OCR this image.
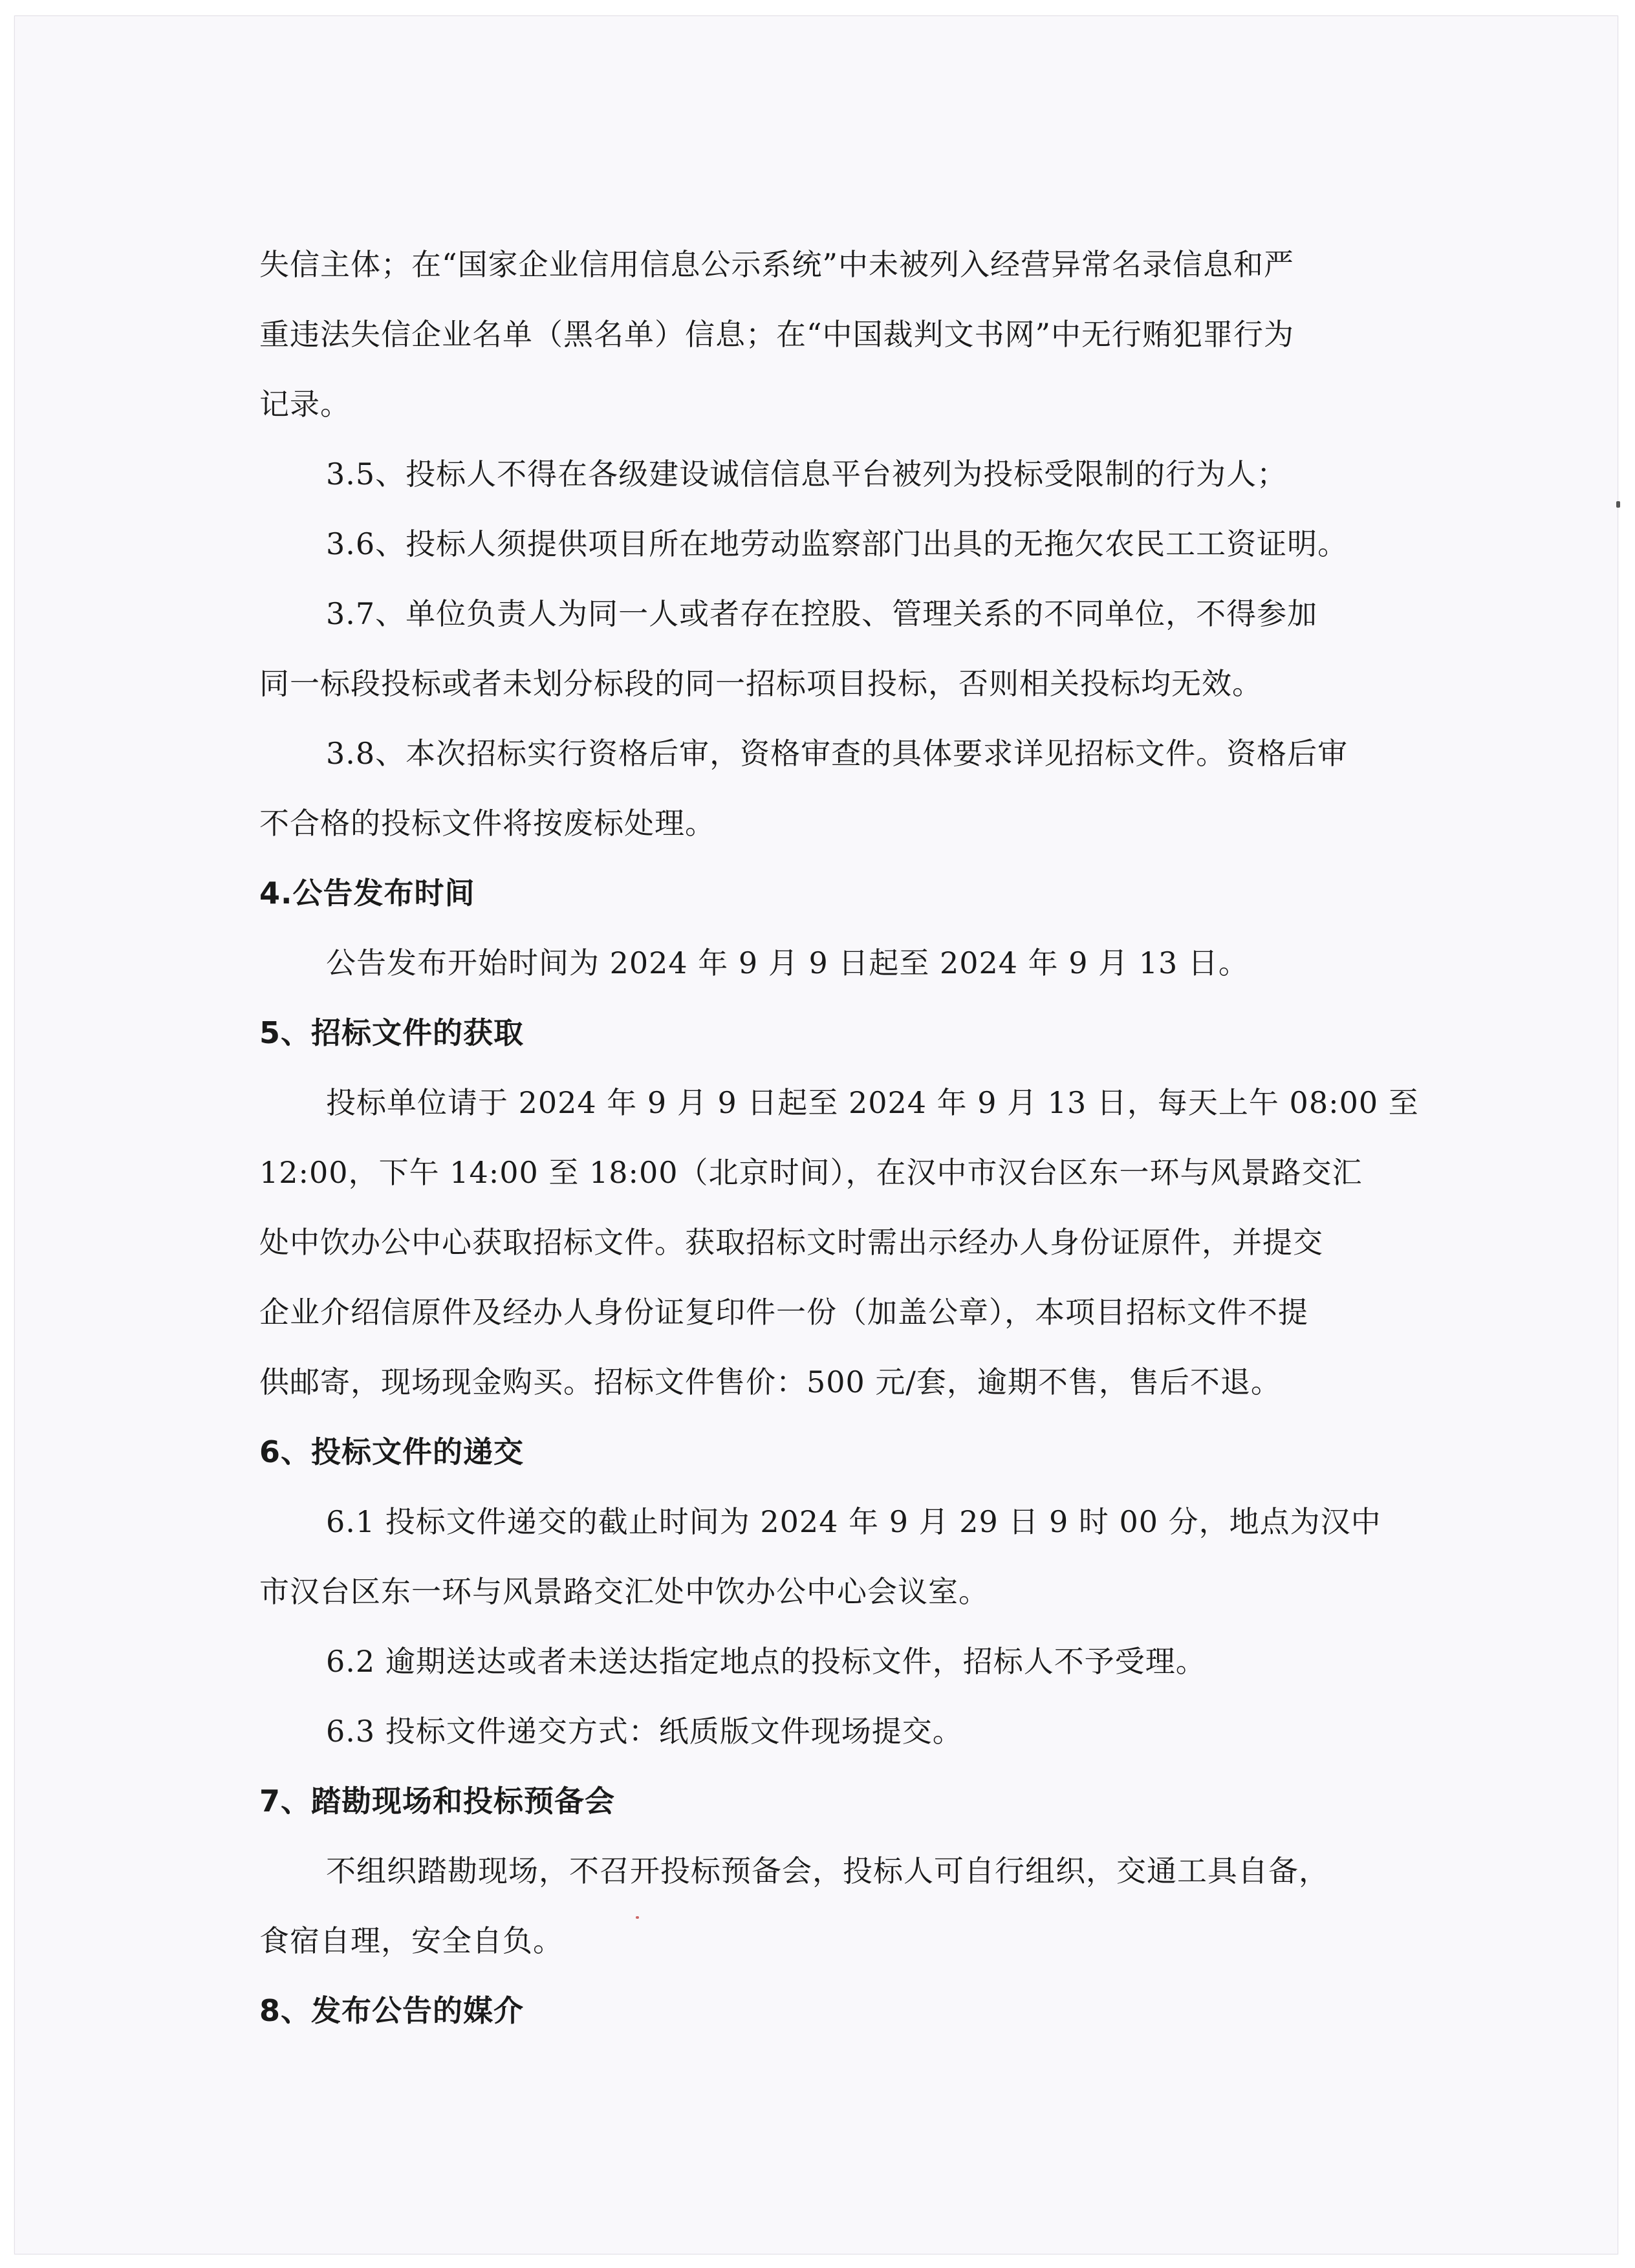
失信主体；在“国家企业信用信息公示系统”中未被列入经营异常名录信息和严
重违法失信企业名单（黑名单）信息；在“中国裁判文书网”中无行贿犯罪行为
记录。

3.5、投标人不得在各级建设诚信信息平台被列为投标受限制的行为人；

3.6、投标人须提供项目所在地劳动监察部门出具的无拖欠农民工工资证明。

3.7、单位负责人为同一人或者存在控股、管理关系的不同单位，不得参加
同一标段投标或者未划分标段的同一招标项目投标，否则相关投标均无效。

3.8、本次招标实行资格后审，资格审查的具体要求详见招标文件。资格后审
不合格的投标文件将按废标处理。

4.公告发布时间

公告发布开始时间为 2024 年 9 月 9 日起至 2024 年 9 月 13 日。

5、招标文件的获取

投标单位请于 2024 年 9 月 9 日起至 2024 年 9 月 13 日，每天上午 08:00 至
12:00，下午 14:00 至 18:00（北京时间），在汉中市汉台区东一环与风景路交汇
处中饮办公中心获取招标文件。获取招标文时需出示经办人身份证原件，并提交
企业介绍信原件及经办人身份证复印件一份（加盖公章），本项目招标文件不提
供邮寄，现场现金购买。招标文件售价：500 元/套，逾期不售，售后不退。

6、投标文件的递交

6.1 投标文件递交的截止时间为 2024 年 9 月 29 日 9 时 00 分，地点为汉中
市汉台区东一环与风景路交汇处中饮办公中心会议室。

6.2 逾期送达或者未送达指定地点的投标文件，招标人不予受理。

6.3 投标文件递交方式：纸质版文件现场提交。

7、踏勘现场和投标预备会

不组织踏勘现场，不召开投标预备会，投标人可自行组织，交通工具自备，
食宿自理，安全自负。

8、发布公告的媒介
